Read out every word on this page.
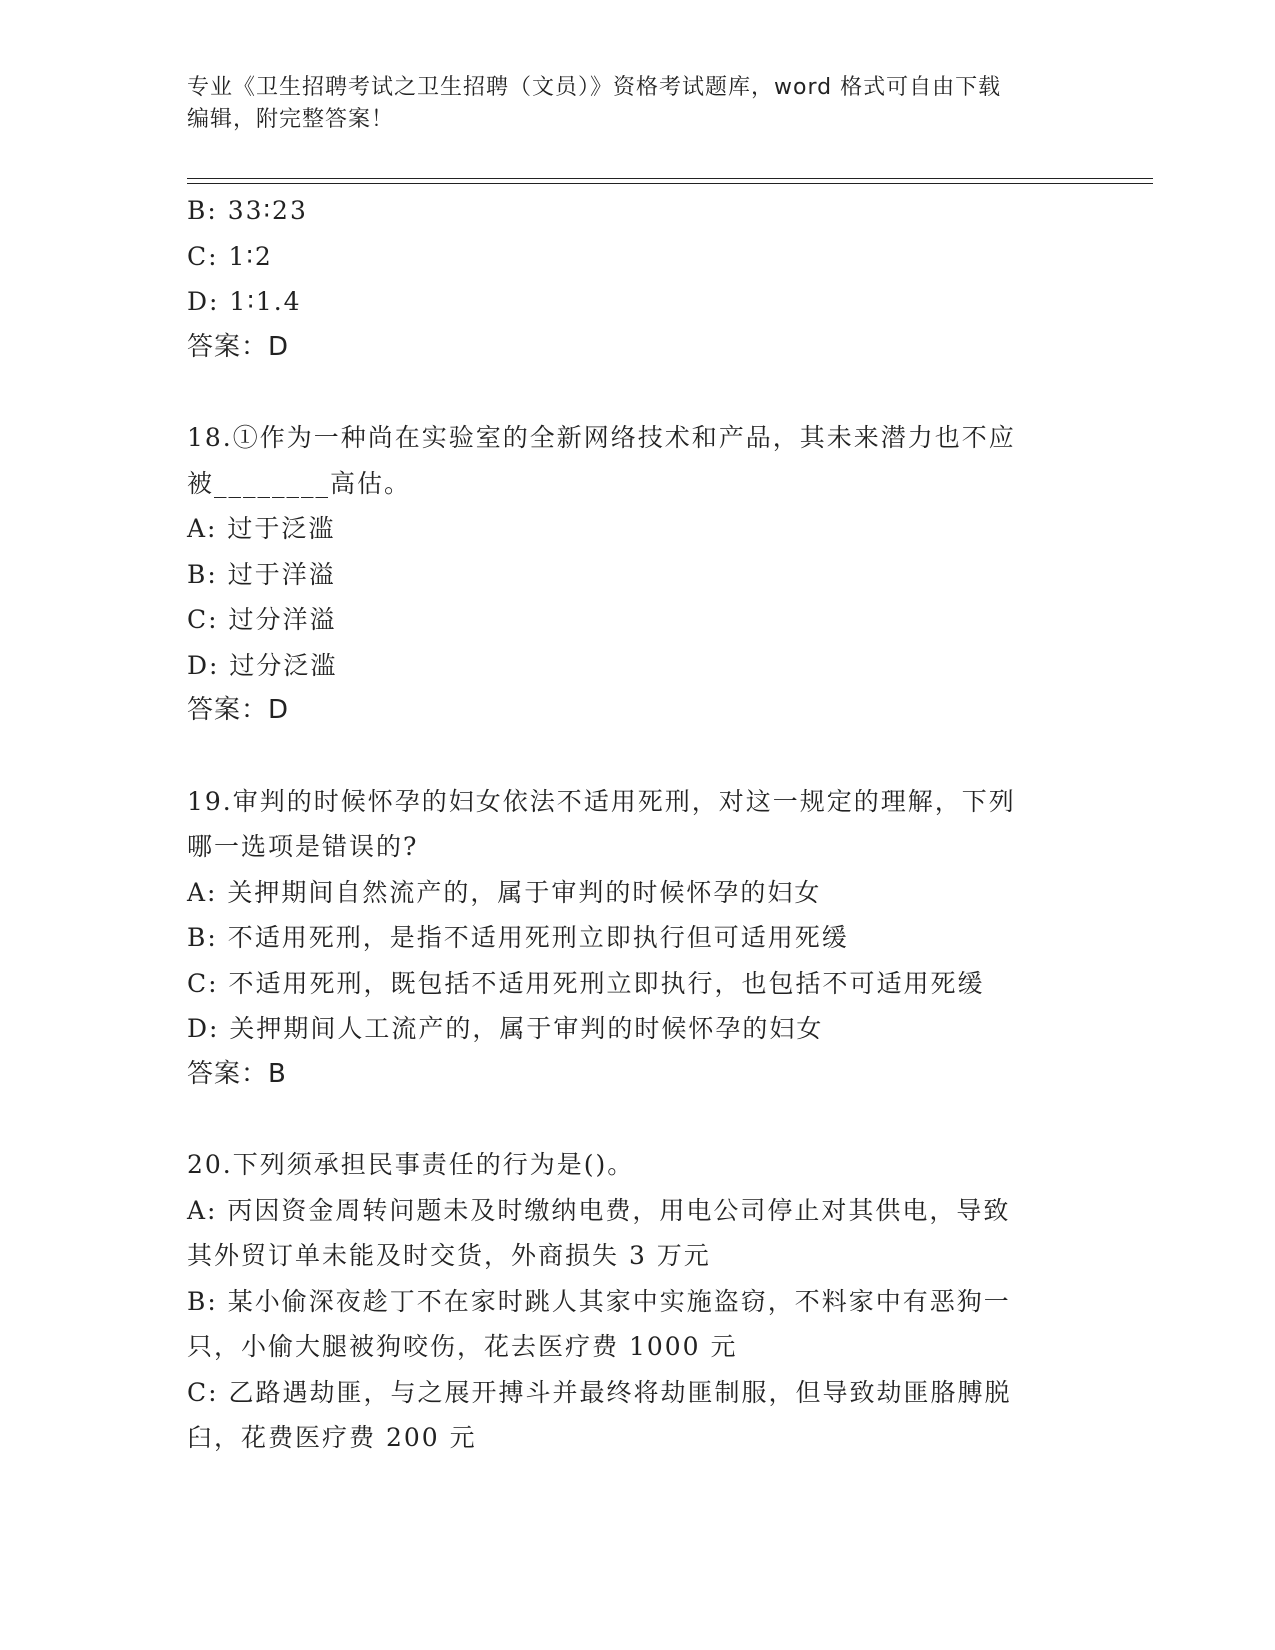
专业《卫生招聘考试之卫生招聘（文员）》资格考试题库，word 格式可自由下载
编辑，附完整答案！
B: 33∶23
C: 1∶2
D: 1∶1.4
答案：D
18.①作为一种尚在实验室的全新网络技术和产品，其未来潜力也不应
被________高估。
A: 过于泛滥
B: 过于洋溢
C: 过分洋溢
D: 过分泛滥
答案：D
19.审判的时候怀孕的妇女依法不适用死刑，对这一规定的理解，下列
哪一选项是错误的?
A: 关押期间自然流产的，属于审判的时候怀孕的妇女
B: 不适用死刑，是指不适用死刑立即执行但可适用死缓
C: 不适用死刑，既包括不适用死刑立即执行，也包括不可适用死缓
D: 关押期间人工流产的，属于审判的时候怀孕的妇女
答案：B
20.下列须承担民事责任的行为是()。
A: 丙因资金周转问题未及时缴纳电费，用电公司停止对其供电，导致
其外贸订单未能及时交货，外商损失 3 万元
B: 某小偷深夜趁丁不在家时跳人其家中实施盗窃，不料家中有恶狗一
只，小偷大腿被狗咬伤，花去医疗费 1000 元
C: 乙路遇劫匪，与之展开搏斗并最终将劫匪制服，但导致劫匪胳膊脱
臼，花费医疗费 200 元
